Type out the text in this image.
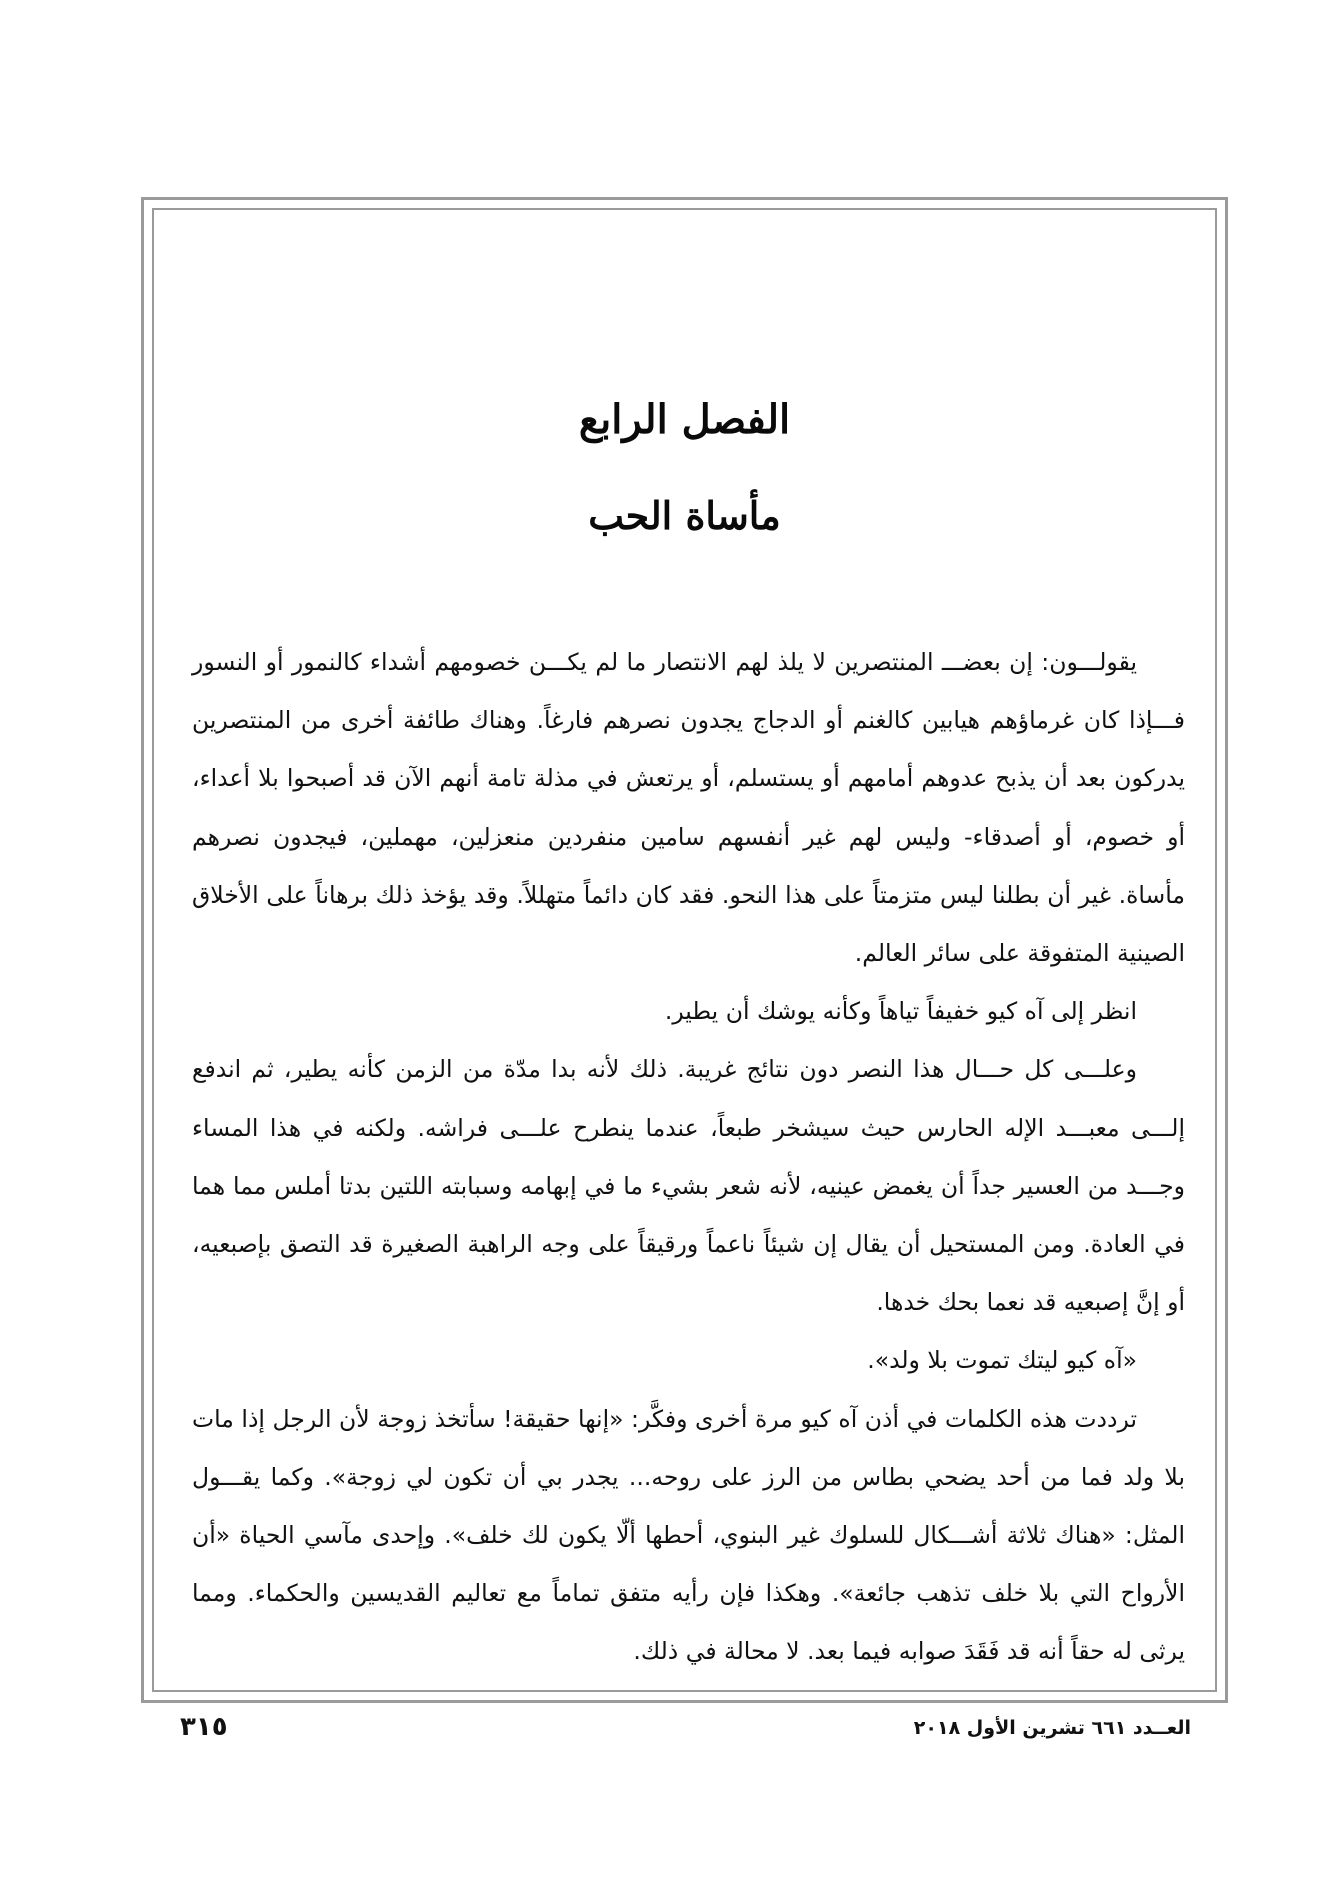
الفصل الرابع
مأساة الحب

يقولـــون: إن بعضـــ المنتصرين لا يلذ لهم الانتصار ما لم يكـــن خصومهم أشداء كالنمور أو النسور فـــإذا كان غرماؤهم هيابين كالغنم أو الدجاج يجدون نصرهم فارغاً. وهناك طائفة أخرى من المنتصرين يدركون بعد أن يذبح عدوهم أمامهم أو يستسلم، أو يرتعش في مذلة تامة أنهم الآن قد أصبحوا بلا أعداء، أو خصوم، أو أصدقاء- وليس لهم غير أنفسهم سامين منفردين منعزلين، مهملين، فيجدون نصرهم مأساة. غير أن بطلنا ليس متزمتاً على هذا النحو. فقد كان دائماً متهللاً. وقد يؤخذ ذلك برهاناً على الأخلاق الصينية المتفوقة على سائر العالم.

انظر إلى آه كيو خفيفاً تياهاً وكأنه يوشك أن يطير.

وعلـــى كل حـــال هذا النصر دون نتائج غريبة. ذلك لأنه بدا مدّة من الزمن كأنه يطير، ثم اندفع إلـــى معبـــد الإله الحارس حيث سيشخر طبعاً، عندما ينطرح علـــى فراشه. ولكنه في هذا المساء وجـــد من العسير جداً أن يغمض عينيه، لأنه شعر بشيء ما في إبهامه وسبابته اللتين بدتا أملس مما هما في العادة. ومن المستحيل أن يقال إن شيئاً ناعماً ورقيقاً على وجه الراهبة الصغيرة قد التصق بإصبعيه، أو إنَّ إصبعيه قد نعما بحك خدها.

«آه كيو ليتك تموت بلا ولد».

ترددت هذه الكلمات في أذن آه كيو مرة أخرى وفكَّر: «إنها حقيقة! سأتخذ زوجة لأن الرجل إذا مات بلا ولد فما من أحد يضحي بطاس من الرز على روحه... يجدر بي أن تكون لي زوجة». وكما يقـــول المثل: «هناك ثلاثة أشـــكال للسلوك غير البنوي، أحطها ألّا يكون لك خلف». وإحدى مآسي الحياة «أن الأرواح التي بلا خلف تذهب جائعة». وهكذا فإن رأيه متفق تماماً مع تعاليم القديسين والحكماء. ومما يرثى له حقاً أنه قد فَقَدَ صوابه فيما بعد. لا محالة في ذلك.

٣١٥	العــدد ٦٦١ تشرين الأول ٢٠١٨
